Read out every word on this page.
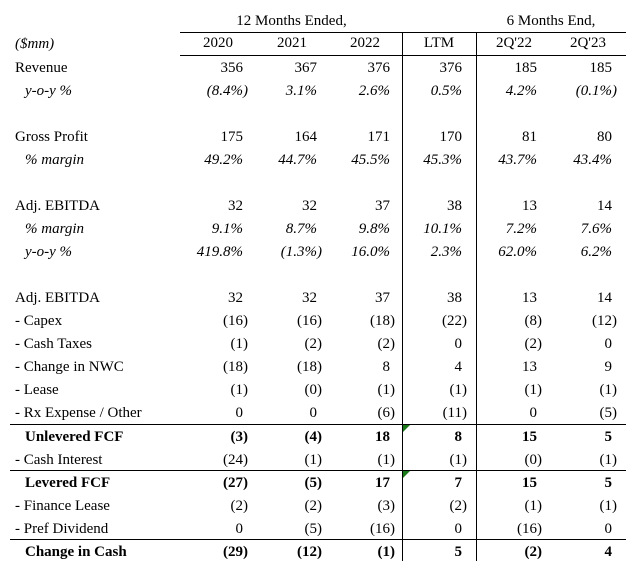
12 Months Ended,	6 Months End,
($mm)	2020	2021	2022	LTM	2Q'22	2Q'23
Revenue	356	367	376	376	185	185
y-o-y %	(8.4%)	3.1%	2.6%	0.5%	4.2%	(0.1%)
Gross Profit	175	164	171	170	81	80
% margin	49.2%	44.7%	45.5%	45.3%	43.7%	43.4%
Adj. EBITDA	32	32	37	38	13	14
% margin	9.1%	8.7%	9.8%	10.1%	7.2%	7.6%
y-o-y %	419.8%	(1.3%)	16.0%	2.3%	62.0%	6.2%
Adj. EBITDA	32	32	37	38	13	14
- Capex	(16)	(16)	(18)	(22)	(8)	(12)
- Cash Taxes	(1)	(2)	(2)	0	(2)	0
- Change in NWC	(18)	(18)	8	4	13	9
- Lease	(1)	(0)	(1)	(1)	(1)	(1)
- Rx Expense / Other	0	0	(6)	(11)	0	(5)
Unlevered FCF	(3)	(4)	18	8	15	5
- Cash Interest	(24)	(1)	(1)	(1)	(0)	(1)
Levered FCF	(27)	(5)	17	7	15	5
- Finance Lease	(2)	(2)	(3)	(2)	(1)	(1)
- Pref Dividend	0	(5)	(16)	0	(16)	0
Change in Cash	(29)	(12)	(1)	5	(2)	4
